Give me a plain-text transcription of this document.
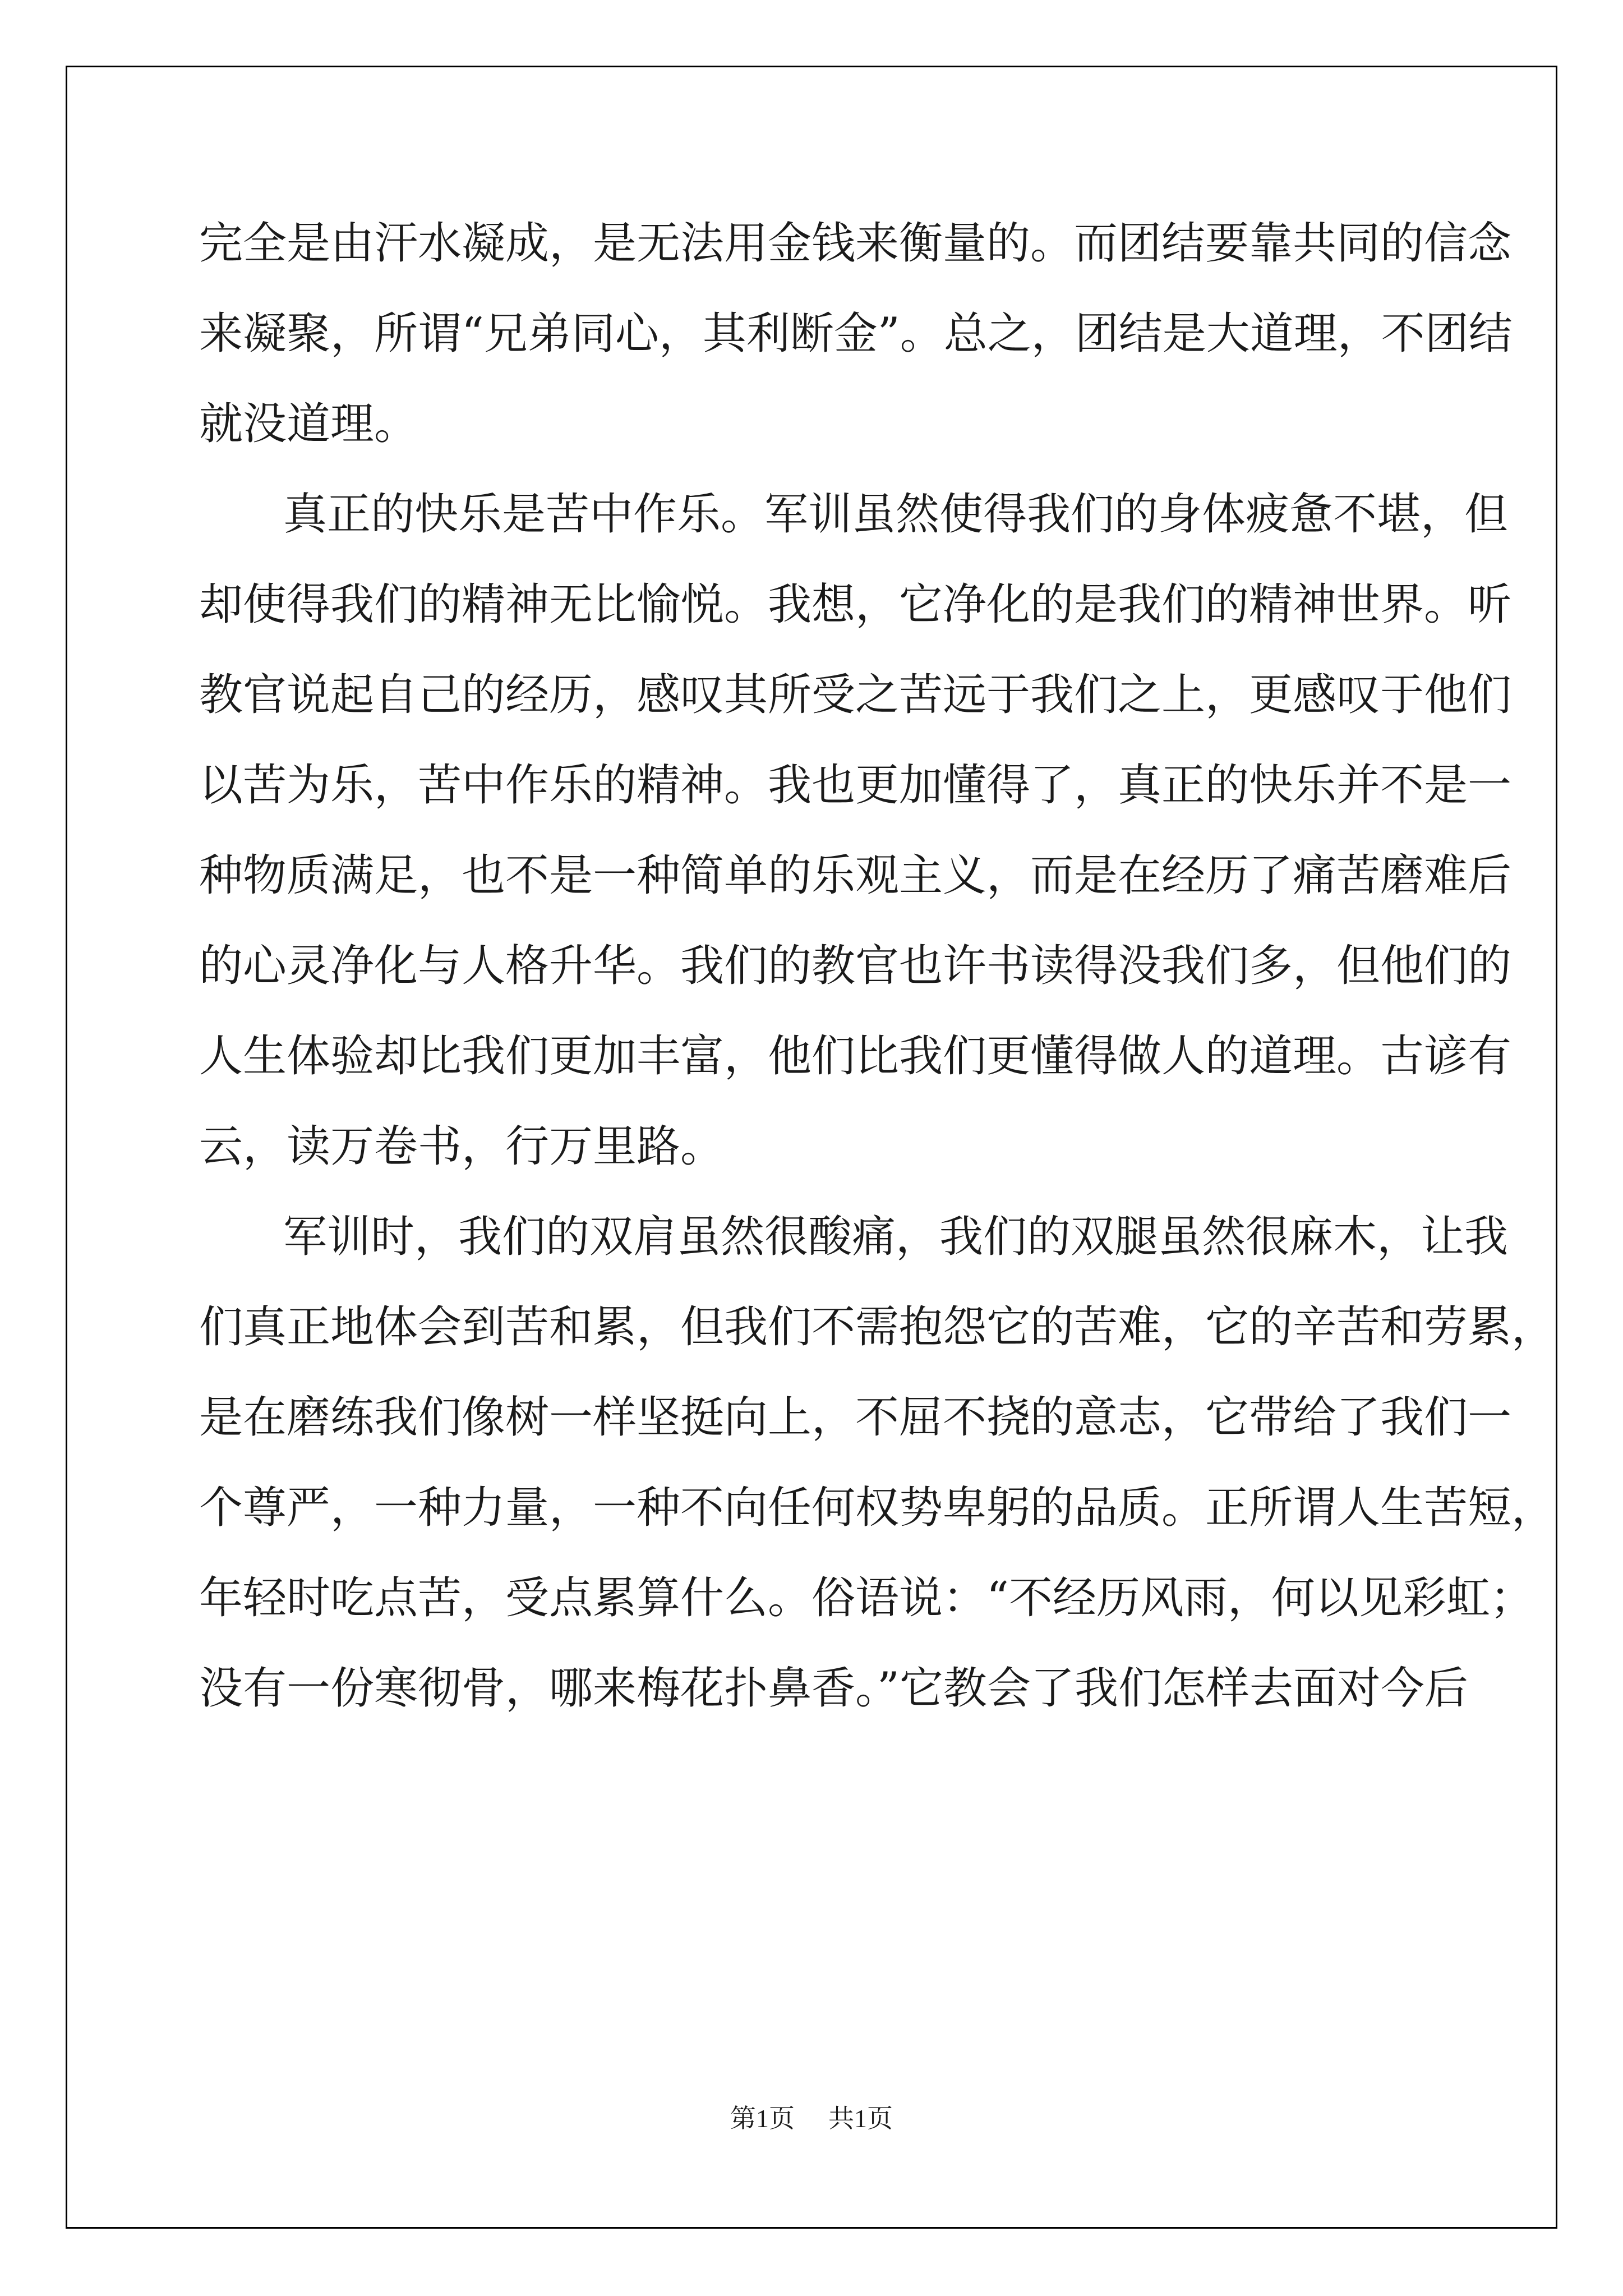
完全是由汗水凝成，是无法用金钱来衡量的。而团结要靠共同的信念
来凝聚，所谓“兄弟同心，其利断金”。总之，团结是大道理，不团结
就没道理。
真正的快乐是苦中作乐。军训虽然使得我们的身体疲惫不堪，但
却使得我们的精神无比愉悦。我想，它净化的是我们的精神世界。听
教官说起自己的经历，感叹其所受之苦远于我们之上，更感叹于他们
以苦为乐，苦中作乐的精神。我也更加懂得了，真正的快乐并不是一
种物质满足，也不是一种简单的乐观主义，而是在经历了痛苦磨难后
的心灵净化与人格升华。我们的教官也许书读得没我们多，但他们的
人生体验却比我们更加丰富，他们比我们更懂得做人的道理。古谚有
云，读万卷书，行万里路。
军训时，我们的双肩虽然很酸痛，我们的双腿虽然很麻木，让我
们真正地体会到苦和累，但我们不需抱怨它的苦难，它的辛苦和劳累，
是在磨练我们像树一样坚挺向上，不屈不挠的意志，它带给了我们一
个尊严，一种力量，一种不向任何权势卑躬的品质。正所谓人生苦短，
年轻时吃点苦，受点累算什么。俗语说：“不经历风雨，何以见彩虹；
没有一份寒彻骨，哪来梅花扑鼻香。”它教会了我们怎样去面对今后
第1页 共1页
